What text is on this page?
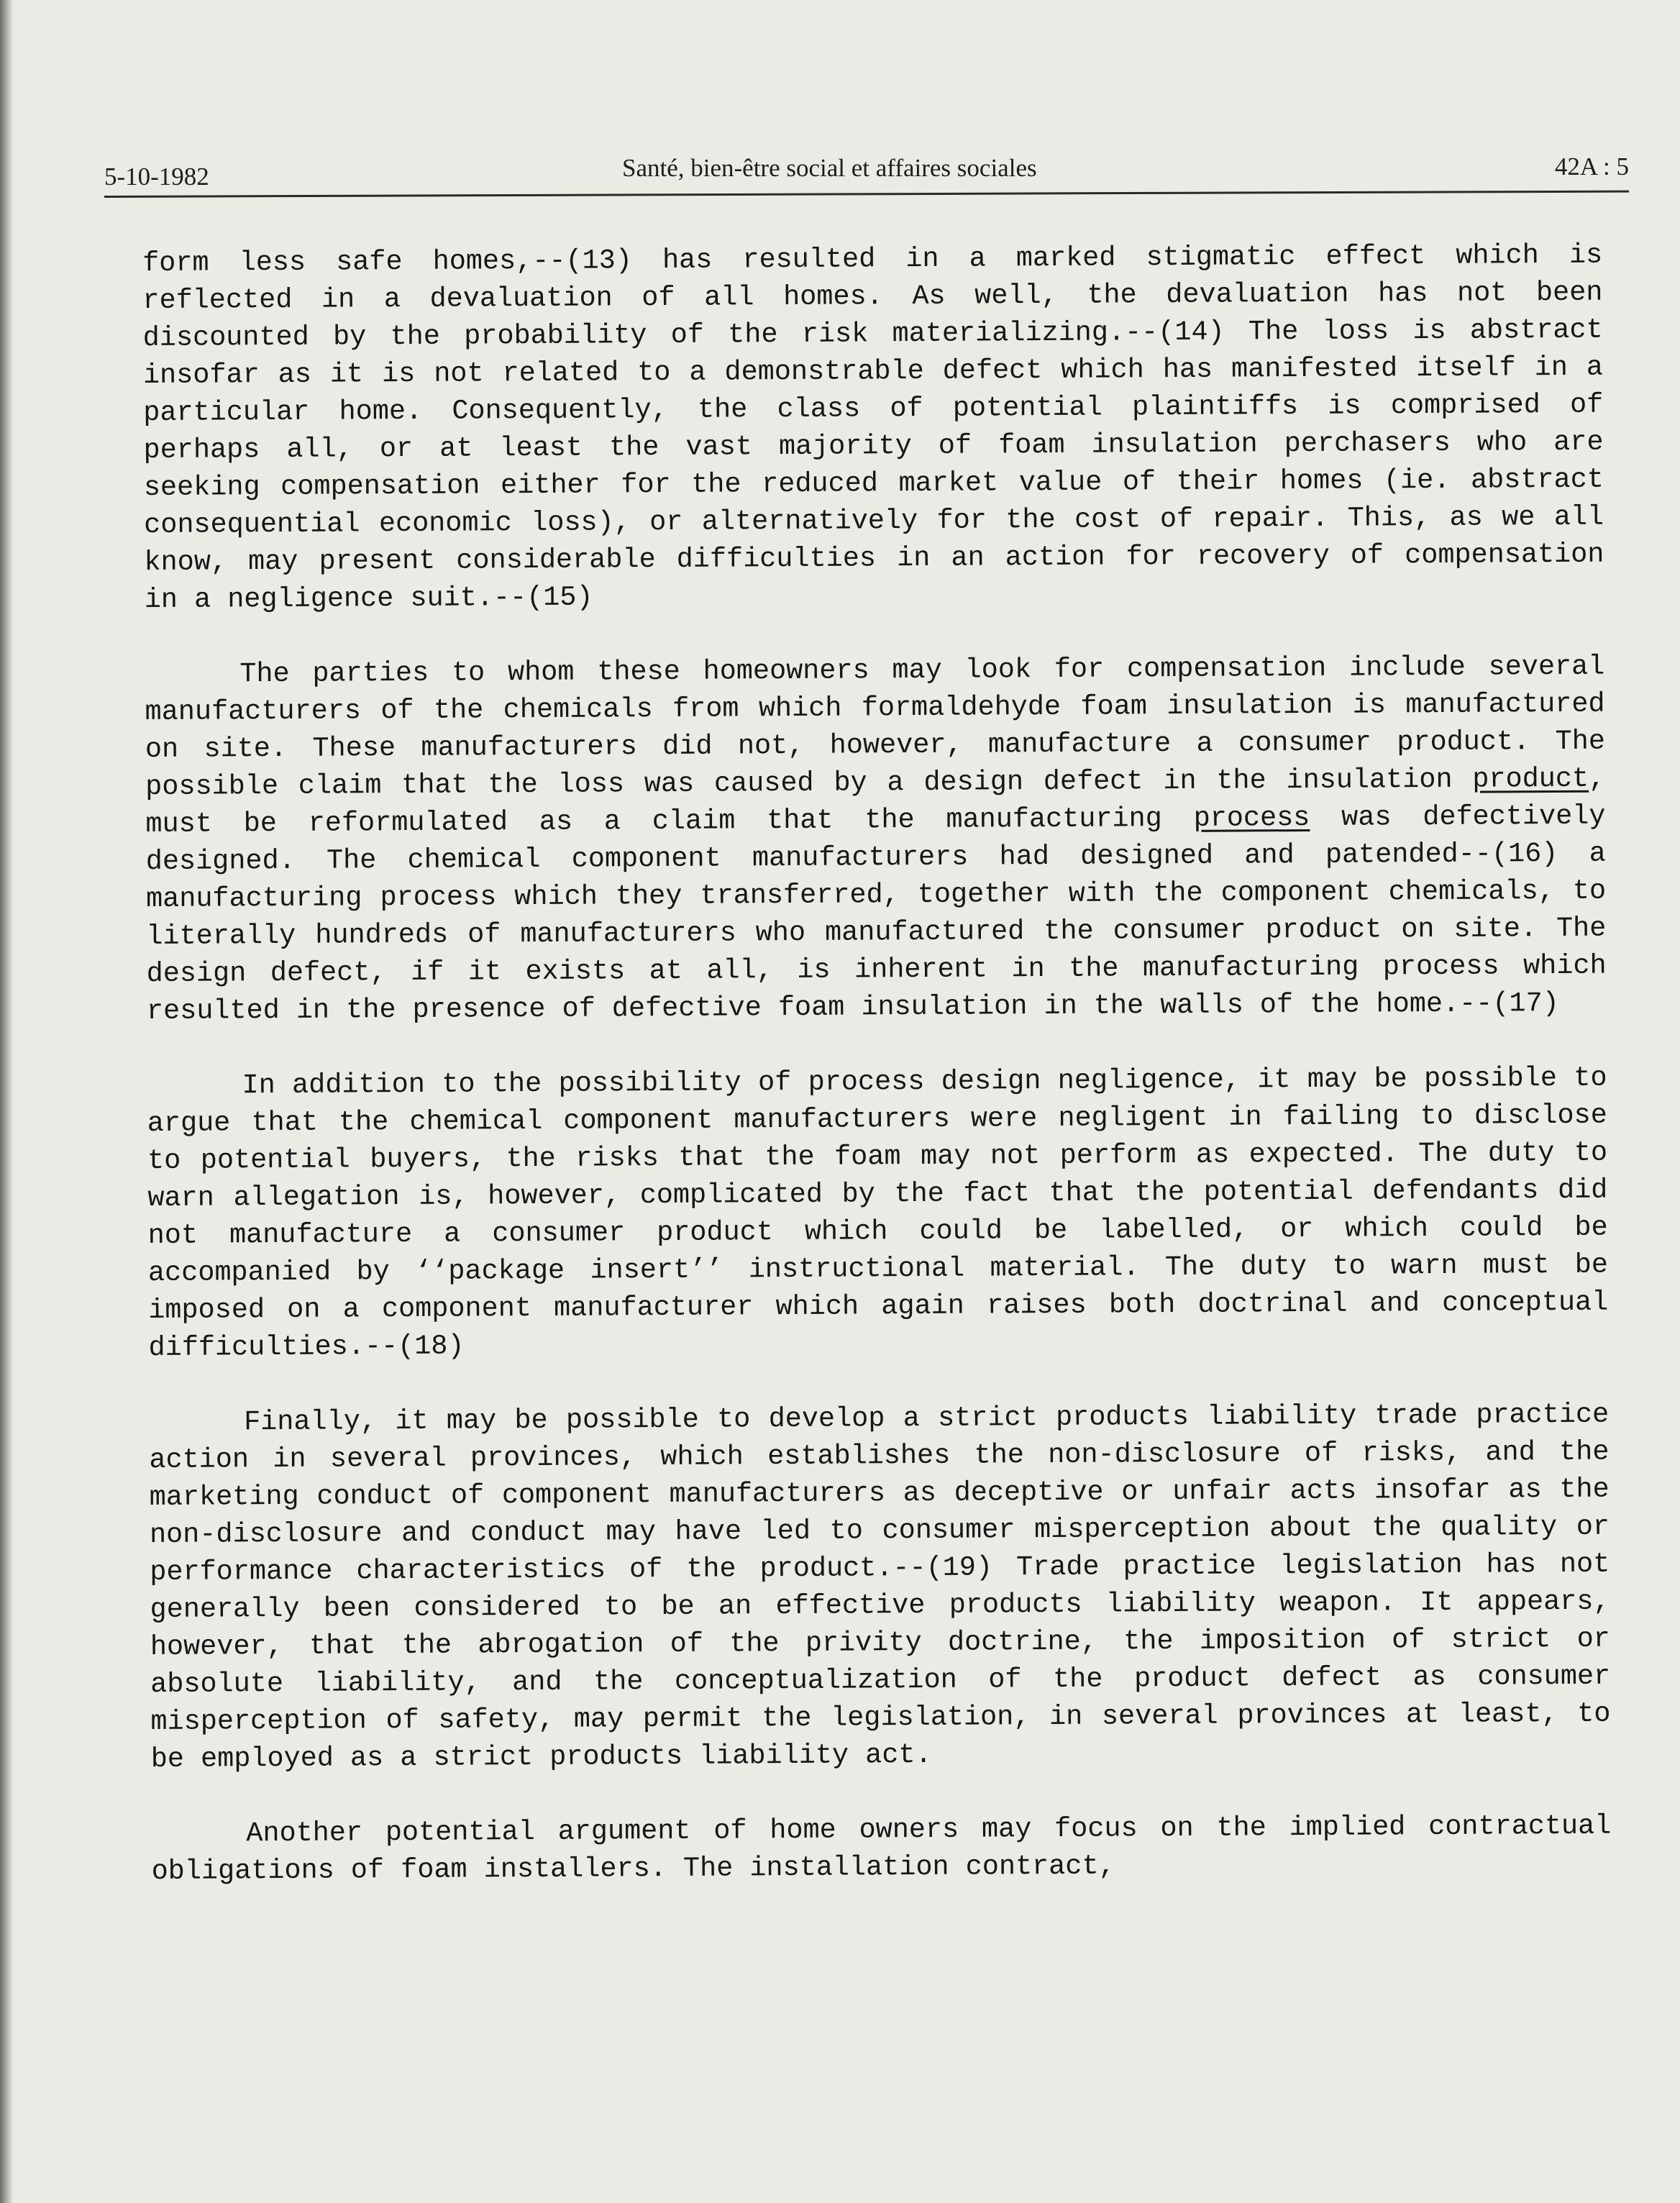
5-10-1982	Santé, bien-être social et affaires sociales	42A : 5

form less safe homes,--(13) has resulted in a marked stigmatic effect which is reflected in a devaluation of all homes. As well, the devaluation has not been discounted by the probability of the risk materializing.--(14) The loss is abstract insofar as it is not related to a demonstrable defect which has manifested itself in a particular home. Consequently, the class of potential plaintiffs is comprised of perhaps all, or at least the vast majority of foam insulation perchasers who are seeking compensation either for the reduced market value of their homes (ie. abstract consequential economic loss), or alternatively for the cost of repair. This, as we all know, may present considerable difficulties in an action for recovery of compensation in a negligence suit.--(15)

The parties to whom these homeowners may look for compensation include several manufacturers of the chemicals from which formaldehyde foam insulation is manufactured on site. These manufacturers did not, however, manufacture a consumer product. The possible claim that the loss was caused by a design defect in the insulation product, must be reformulated as a claim that the manufacturing process was defectively designed. The chemical component manufacturers had designed and patended--(16) a manufacturing process which they transferred, together with the component chemicals, to literally hundreds of manufacturers who manufactured the consumer product on site. The design defect, if it exists at all, is inherent in the manufacturing process which resulted in the presence of defective foam insulation in the walls of the home.--(17)

In addition to the possibility of process design negligence, it may be possible to argue that the chemical component manufacturers were negligent in failing to disclose to potential buyers, the risks that the foam may not perform as expected. The duty to warn allegation is, however, complicated by the fact that the potential defendants did not manufacture a consumer product which could be labelled, or which could be accompanied by ‘‘package insert’’ instructional material. The duty to warn must be imposed on a component manufacturer which again raises both doctrinal and conceptual difficulties.--(18)

Finally, it may be possible to develop a strict products liability trade practice action in several provinces, which establishes the non-disclosure of risks, and the marketing conduct of component manufacturers as deceptive or unfair acts insofar as the non-disclosure and conduct may have led to consumer misperception about the quality or performance characteristics of the product.--(19) Trade practice legislation has not generally been considered to be an effective products liability weapon. It appears, however, that the abrogation of the privity doctrine, the imposition of strict or absolute liability, and the conceptualization of the product defect as consumer misperception of safety, may permit the legislation, in several provinces at least, to be employed as a strict products liability act.

Another potential argument of home owners may focus on the implied contractual obligations of foam installers. The installation contract,
